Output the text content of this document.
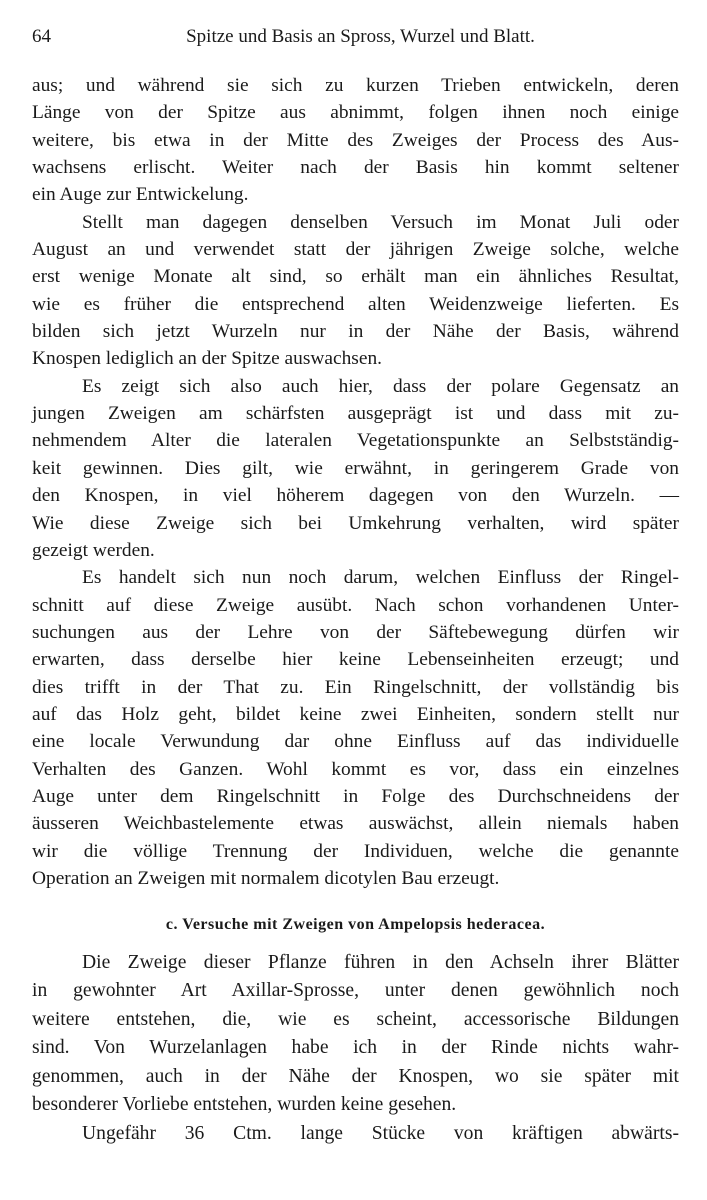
64	Spitze und Basis an Spross, Wurzel und Blatt.
aus; und während sie sich zu kurzen Trieben entwickeln, deren
Länge von der Spitze aus abnimmt, folgen ihnen noch einige
weitere, bis etwa in der Mitte des Zweiges der Process des Aus-
wachsens erlischt. Weiter nach der Basis hin kommt seltener
ein Auge zur Entwickelung.
Stellt man dagegen denselben Versuch im Monat Juli oder
August an und verwendet statt der jährigen Zweige solche, welche
erst wenige Monate alt sind, so erhält man ein ähnliches Resultat,
wie es früher die entsprechend alten Weidenzweige lieferten. Es
bilden sich jetzt Wurzeln nur in der Nähe der Basis, während
Knospen lediglich an der Spitze auswachsen.
Es zeigt sich also auch hier, dass der polare Gegensatz an
jungen Zweigen am schärfsten ausgeprägt ist und dass mit zu-
nehmendem Alter die lateralen Vegetationspunkte an Selbstständig-
keit gewinnen. Dies gilt, wie erwähnt, in geringerem Grade von
den Knospen, in viel höherem dagegen von den Wurzeln. —
Wie diese Zweige sich bei Umkehrung verhalten, wird später
gezeigt werden.
Es handelt sich nun noch darum, welchen Einfluss der Ringel-
schnitt auf diese Zweige ausübt. Nach schon vorhandenen Unter-
suchungen aus der Lehre von der Säftebewegung dürfen wir
erwarten, dass derselbe hier keine Lebenseinheiten erzeugt; und
dies trifft in der That zu. Ein Ringelschnitt, der vollständig bis
auf das Holz geht, bildet keine zwei Einheiten, sondern stellt nur
eine locale Verwundung dar ohne Einfluss auf das individuelle
Verhalten des Ganzen. Wohl kommt es vor, dass ein einzelnes
Auge unter dem Ringelschnitt in Folge des Durchschneidens der
äusseren Weichbastelemente etwas auswächst, allein niemals haben
wir die völlige Trennung der Individuen, welche die genannte
Operation an Zweigen mit normalem dicotylen Bau erzeugt.
c. Versuche mit Zweigen von Ampelopsis hederacea.
Die Zweige dieser Pflanze führen in den Achseln ihrer Blätter
in gewohnter Art Axillar-Sprosse, unter denen gewöhnlich noch
weitere entstehen, die, wie es scheint, accessorische Bildungen
sind. Von Wurzelanlagen habe ich in der Rinde nichts wahr-
genommen, auch in der Nähe der Knospen, wo sie später mit
besonderer Vorliebe entstehen, wurden keine gesehen.
Ungefähr 36 Ctm. lange Stücke von kräftigen abwärts-
